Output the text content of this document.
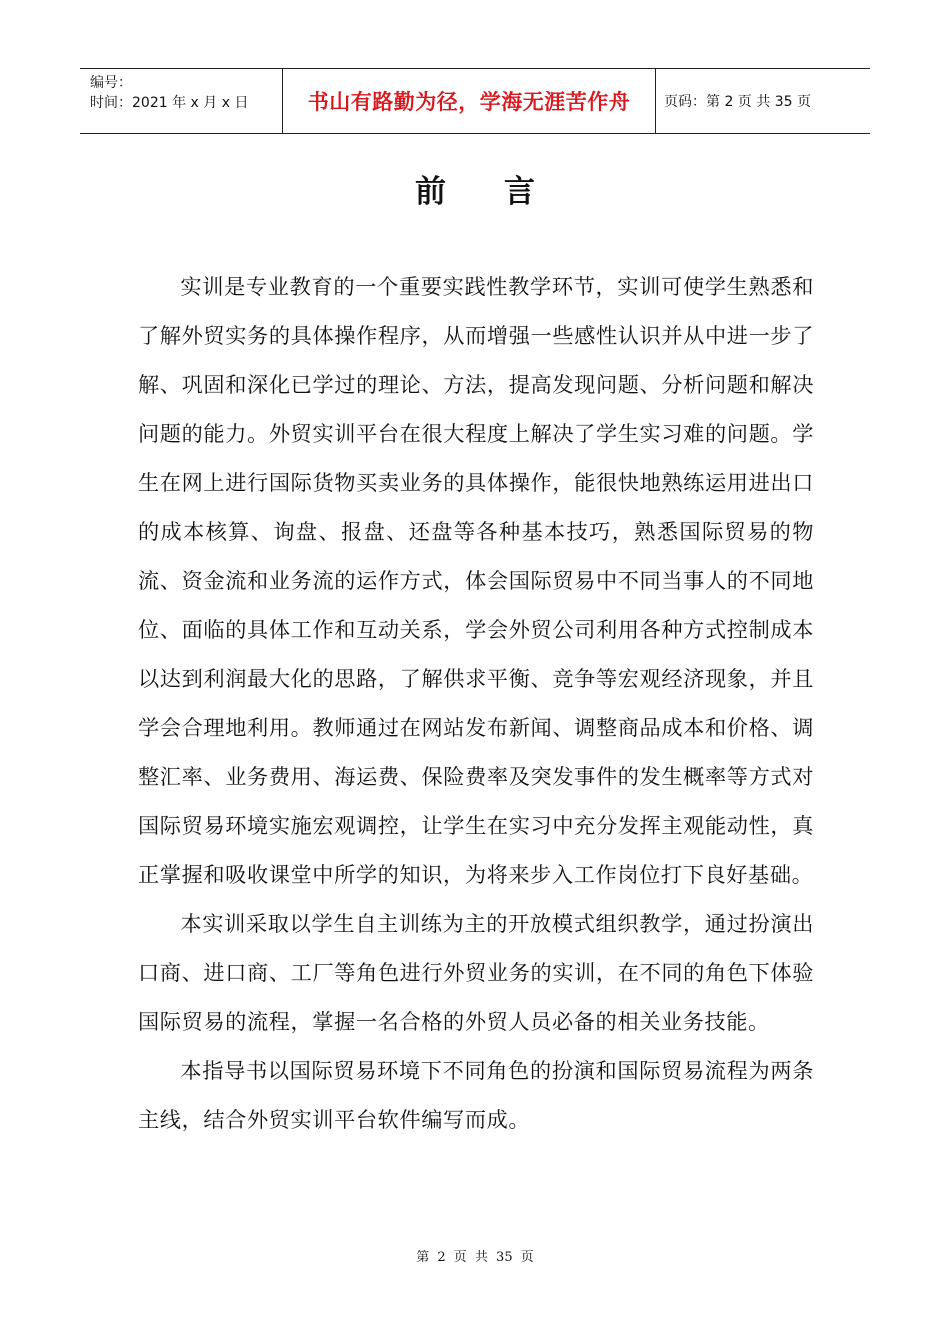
编号：
时间：2021 年 x 月 x 日	书山有路勤为径，学海无涯苦作舟 页码：第 2 页 共 35 页
前 言

实训是专业教育的一个重要实践性教学环节，实训可使学生熟悉和了解外贸实务的具体操作程序，从而增强一些感性认识并从中进一步了解、巩固和深化已学过的理论、方法，提高发现问题、分析问题和解决问题的能力。外贸实训平台在很大程度上解决了学生实习难的问题。学生在网上进行国际货物买卖业务的具体操作，能很快地熟练运用进出口的成本核算、询盘、报盘、还盘等各种基本技巧，熟悉国际贸易的物流、资金流和业务流的运作方式，体会国际贸易中不同当事人的不同地位、面临的具体工作和互动关系，学会外贸公司利用各种方式控制成本以达到利润最大化的思路，了解供求平衡、竞争等宏观经济现象，并且学会合理地利用。教师通过在网站发布新闻、调整商品成本和价格、调整汇率、业务费用、海运费、保险费率及突发事件的发生概率等方式对国际贸易环境实施宏观调控，让学生在实习中充分发挥主观能动性，真正掌握和吸收课堂中所学的知识，为将来步入工作岗位打下良好基础。

本实训采取以学生自主训练为主的开放模式组织教学，通过扮演出口商、进口商、工厂等角色进行外贸业务的实训，在不同的角色下体验国际贸易的流程，掌握一名合格的外贸人员必备的相关业务技能。

本指导书以国际贸易环境下不同角色的扮演和国际贸易流程为两条主线，结合外贸实训平台软件编写而成。

第 2 页 共 35 页
